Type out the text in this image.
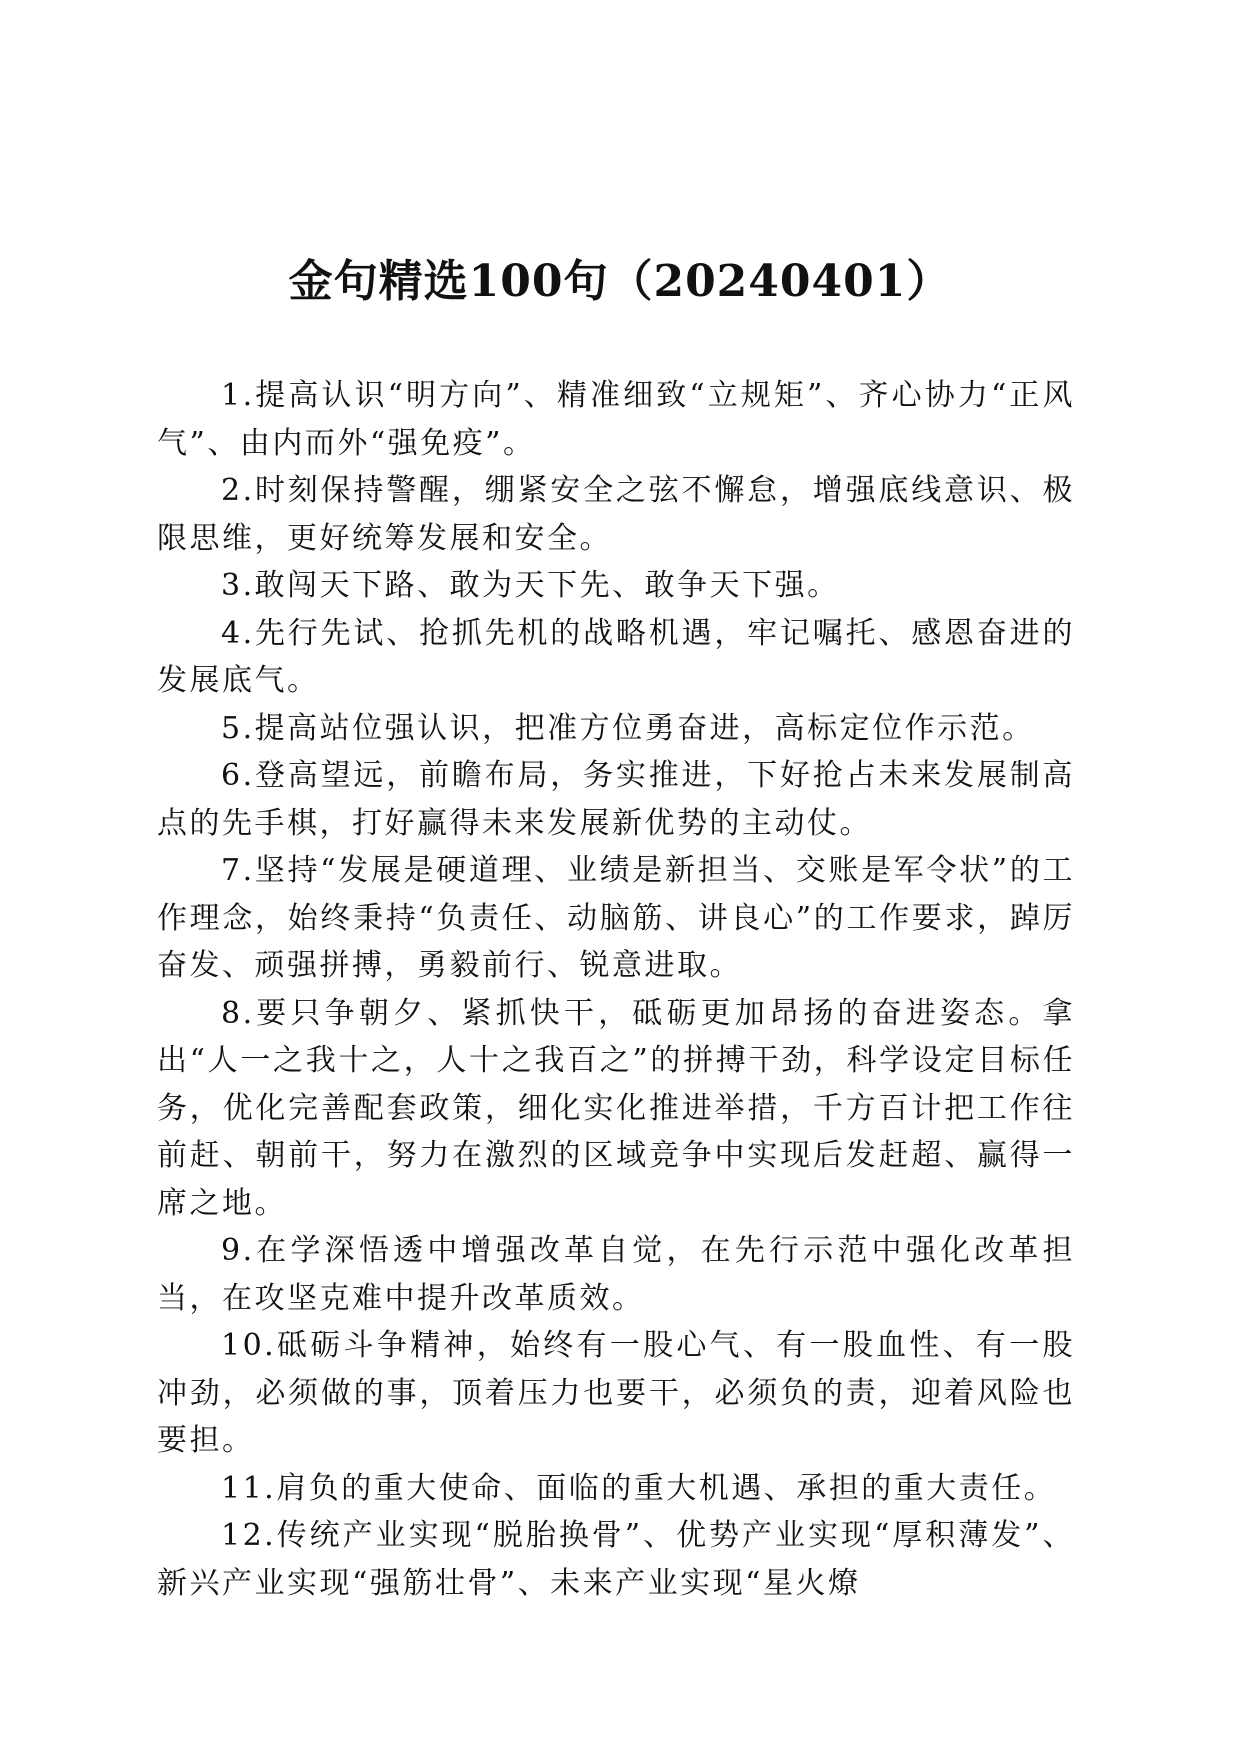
金句精选100句（20240401）

1.提高认识“明方向”、精准细致“立规矩”、齐心协力“正风气”、由内而外“强免疫”。

2.时刻保持警醒，绷紧安全之弦不懈怠，增强底线意识、极限思维，更好统筹发展和安全。

3.敢闯天下路、敢为天下先、敢争天下强。

4.先行先试、抢抓先机的战略机遇，牢记嘱托、感恩奋进的发展底气。

5.提高站位强认识，把准方位勇奋进，高标定位作示范。

6.登高望远，前瞻布局，务实推进，下好抢占未来发展制高点的先手棋，打好赢得未来发展新优势的主动仗。

7.坚持“发展是硬道理、业绩是新担当、交账是军令状”的工作理念，始终秉持“负责任、动脑筋、讲良心”的工作要求，踔厉奋发、顽强拼搏，勇毅前行、锐意进取。

8.要只争朝夕、紧抓快干，砥砺更加昂扬的奋进姿态。拿出“人一之我十之，人十之我百之”的拼搏干劲，科学设定目标任务，优化完善配套政策，细化实化推进举措，千方百计把工作往前赶、朝前干，努力在激烈的区域竞争中实现后发赶超、赢得一席之地。

9.在学深悟透中增强改革自觉，在先行示范中强化改革担当，在攻坚克难中提升改革质效。

10.砥砺斗争精神，始终有一股心气、有一股血性、有一股冲劲，必须做的事，顶着压力也要干，必须负的责，迎着风险也要担。

11.肩负的重大使命、面临的重大机遇、承担的重大责任。

12.传统产业实现“脱胎换骨”、优势产业实现“厚积薄发”、新兴产业实现“强筋壮骨”、未来产业实现“星火燎
